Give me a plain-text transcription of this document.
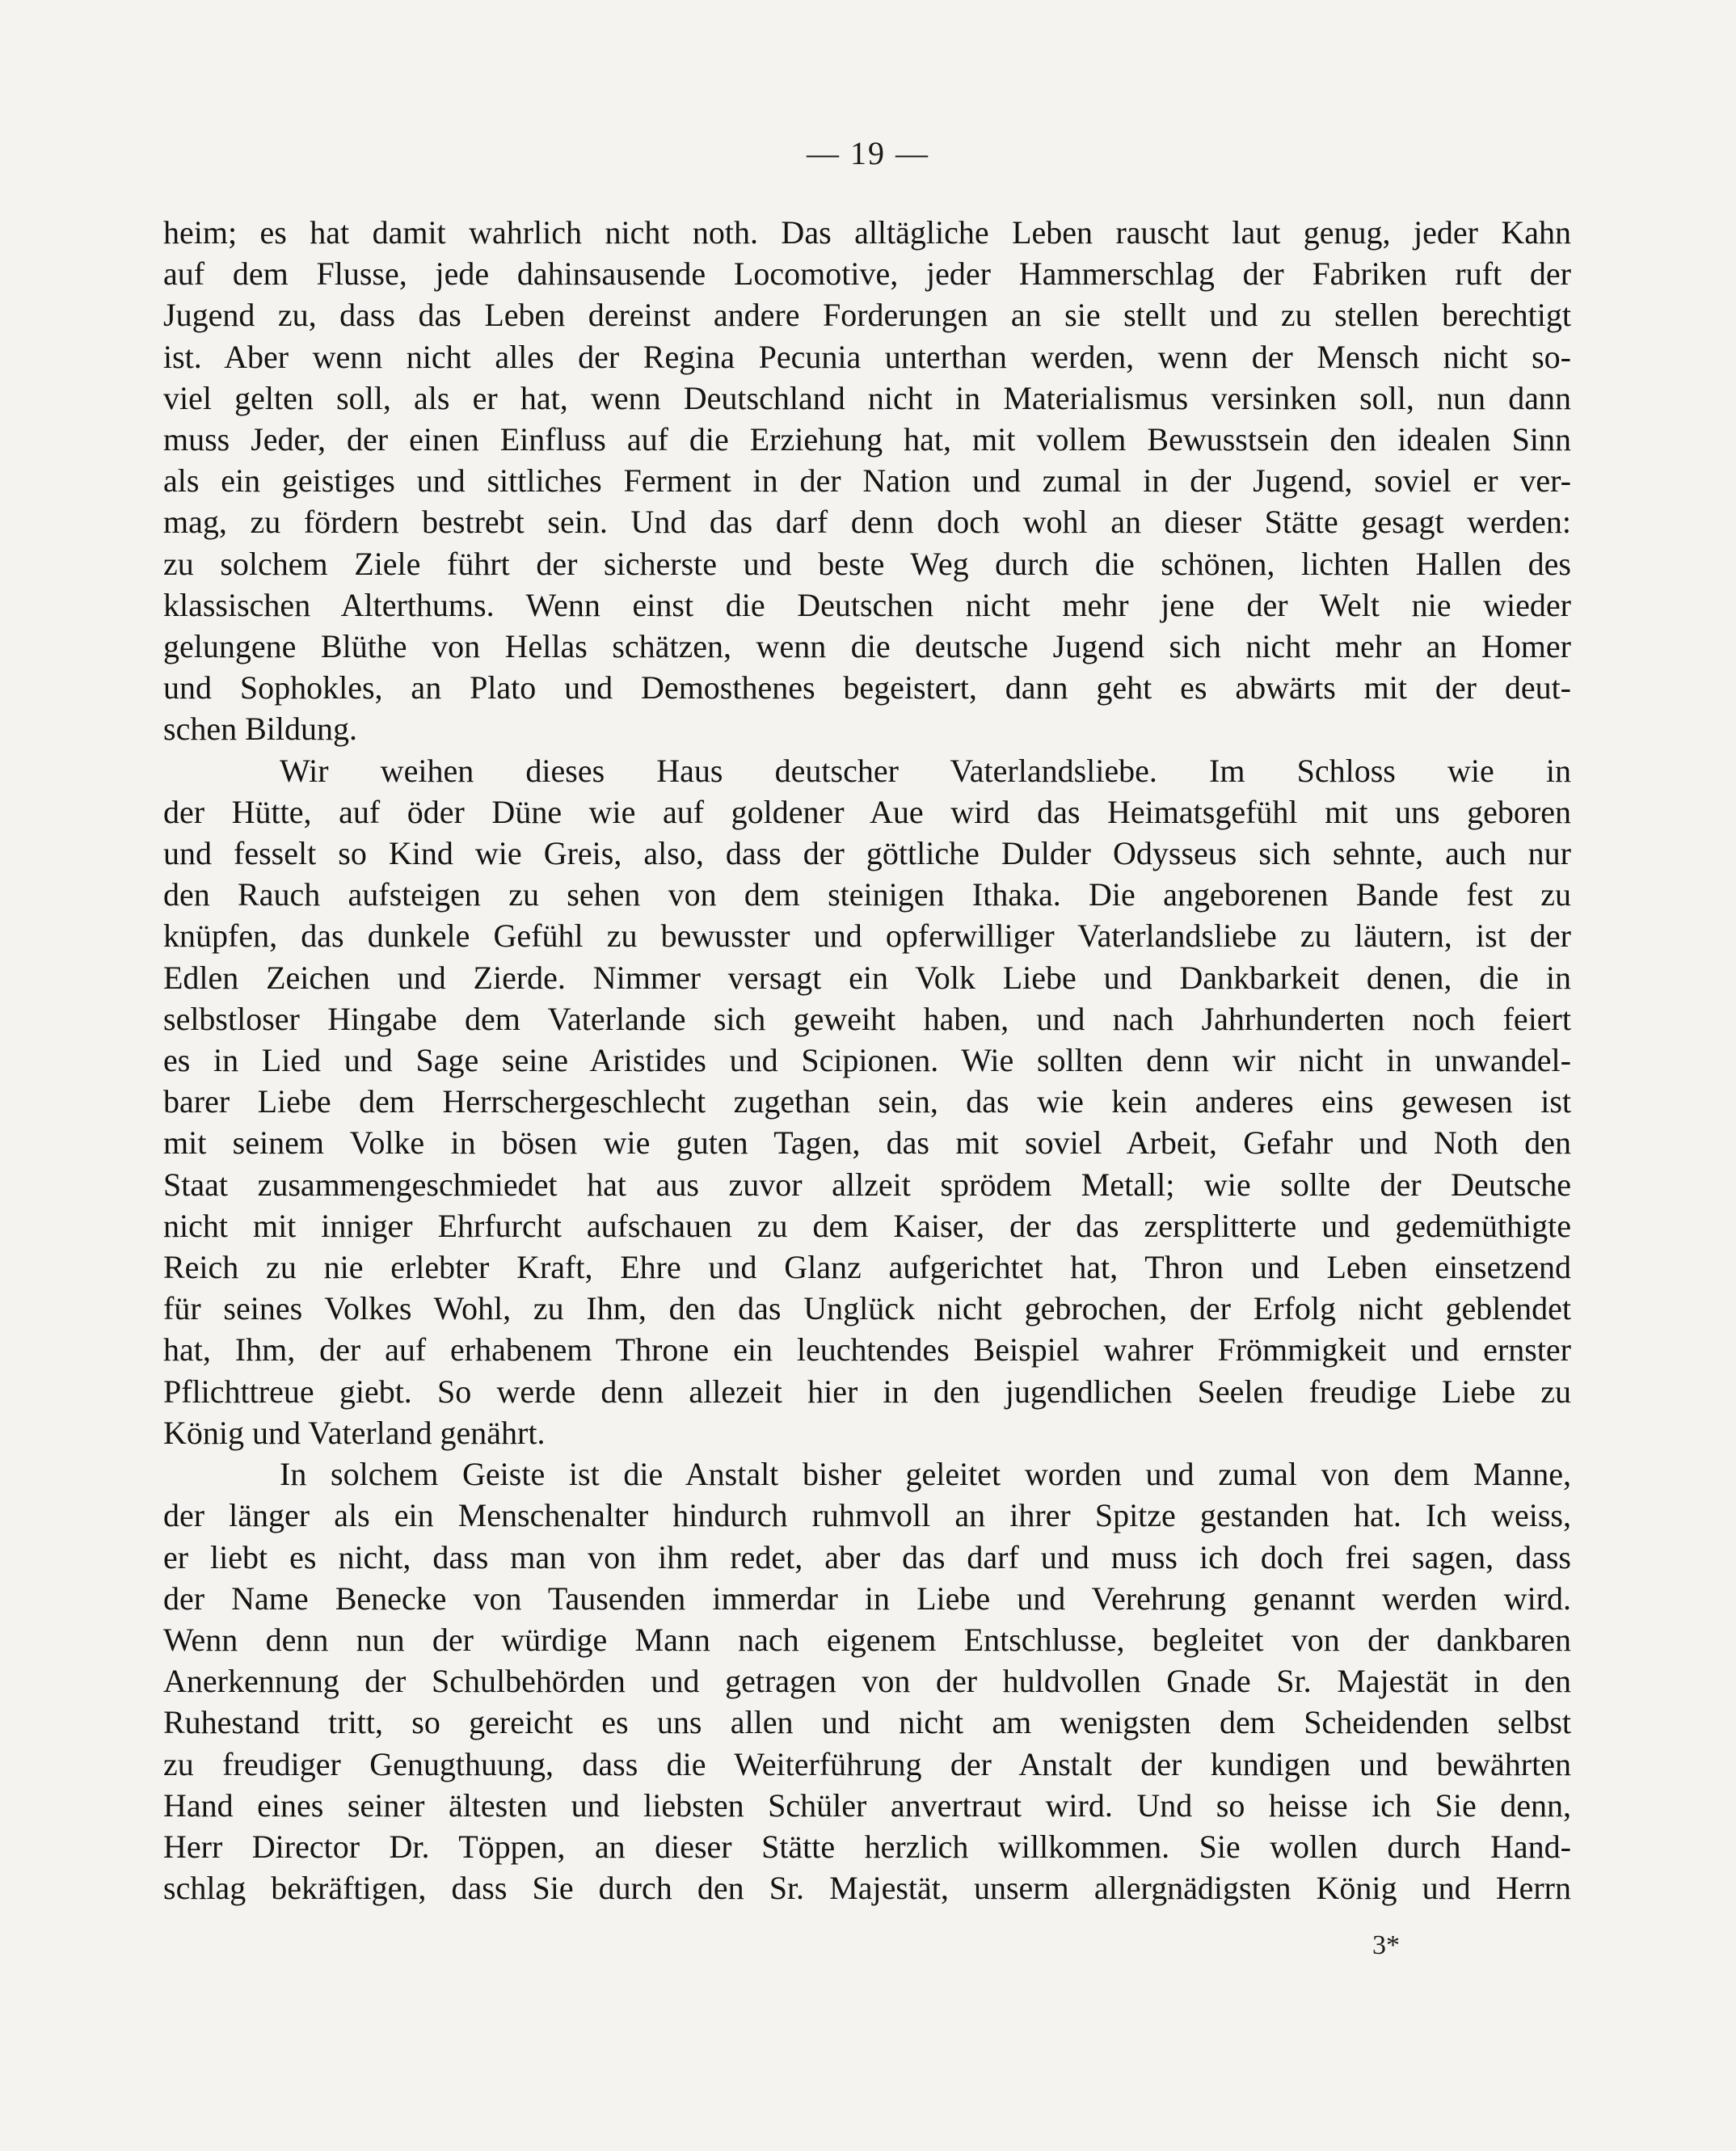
— 19 —
heim; es hat damit wahrlich nicht noth. Das alltägliche Leben rauscht laut genug, jeder Kahn
auf dem Flusse, jede dahinsausende Locomotive, jeder Hammerschlag der Fabriken ruft der
Jugend zu, dass das Leben dereinst andere Forderungen an sie stellt und zu stellen berechtigt
ist. Aber wenn nicht alles der Regina Pecunia unterthan werden, wenn der Mensch nicht so-
viel gelten soll, als er hat, wenn Deutschland nicht in Materialismus versinken soll, nun dann
muss Jeder, der einen Einfluss auf die Erziehung hat, mit vollem Bewusstsein den idealen Sinn
als ein geistiges und sittliches Ferment in der Nation und zumal in der Jugend, soviel er ver-
mag, zu fördern bestrebt sein. Und das darf denn doch wohl an dieser Stätte gesagt werden:
zu solchem Ziele führt der sicherste und beste Weg durch die schönen, lichten Hallen des
klassischen Alterthums. Wenn einst die Deutschen nicht mehr jene der Welt nie wieder
gelungene Blüthe von Hellas schätzen, wenn die deutsche Jugend sich nicht mehr an Homer
und Sophokles, an Plato und Demosthenes begeistert, dann geht es abwärts mit der deut-
schen Bildung.
Wir weihen dieses Haus deutscher Vaterlandsliebe. Im Schloss wie in
der Hütte, auf öder Düne wie auf goldener Aue wird das Heimatsgefühl mit uns geboren
und fesselt so Kind wie Greis, also, dass der göttliche Dulder Odysseus sich sehnte, auch nur
den Rauch aufsteigen zu sehen von dem steinigen Ithaka. Die angeborenen Bande fest zu
knüpfen, das dunkele Gefühl zu bewusster und opferwilliger Vaterlandsliebe zu läutern, ist der
Edlen Zeichen und Zierde. Nimmer versagt ein Volk Liebe und Dankbarkeit denen, die in
selbstloser Hingabe dem Vaterlande sich geweiht haben, und nach Jahrhunderten noch feiert
es in Lied und Sage seine Aristides und Scipionen. Wie sollten denn wir nicht in unwandel-
barer Liebe dem Herrschergeschlecht zugethan sein, das wie kein anderes eins gewesen ist
mit seinem Volke in bösen wie guten Tagen, das mit soviel Arbeit, Gefahr und Noth den
Staat zusammengeschmiedet hat aus zuvor allzeit sprödem Metall; wie sollte der Deutsche
nicht mit inniger Ehrfurcht aufschauen zu dem Kaiser, der das zersplitterte und gedemüthigte
Reich zu nie erlebter Kraft, Ehre und Glanz aufgerichtet hat, Thron und Leben einsetzend
für seines Volkes Wohl, zu Ihm, den das Unglück nicht gebrochen, der Erfolg nicht geblendet
hat, Ihm, der auf erhabenem Throne ein leuchtendes Beispiel wahrer Frömmigkeit und ernster
Pflichttreue giebt. So werde denn allezeit hier in den jugendlichen Seelen freudige Liebe zu
König und Vaterland genährt.
In solchem Geiste ist die Anstalt bisher geleitet worden und zumal von dem Manne,
der länger als ein Menschenalter hindurch ruhmvoll an ihrer Spitze gestanden hat. Ich weiss,
er liebt es nicht, dass man von ihm redet, aber das darf und muss ich doch frei sagen, dass
der Name Benecke von Tausenden immerdar in Liebe und Verehrung genannt werden wird.
Wenn denn nun der würdige Mann nach eigenem Entschlusse, begleitet von der dankbaren
Anerkennung der Schulbehörden und getragen von der huldvollen Gnade Sr. Majestät in den
Ruhestand tritt, so gereicht es uns allen und nicht am wenigsten dem Scheidenden selbst
zu freudiger Genugthuung, dass die Weiterführung der Anstalt der kundigen und bewährten
Hand eines seiner ältesten und liebsten Schüler anvertraut wird. Und so heisse ich Sie denn,
Herr Director Dr. Töppen, an dieser Stätte herzlich willkommen. Sie wollen durch Hand-
schlag bekräftigen, dass Sie durch den Sr. Majestät, unserm allergnädigsten König und Herrn
3*
